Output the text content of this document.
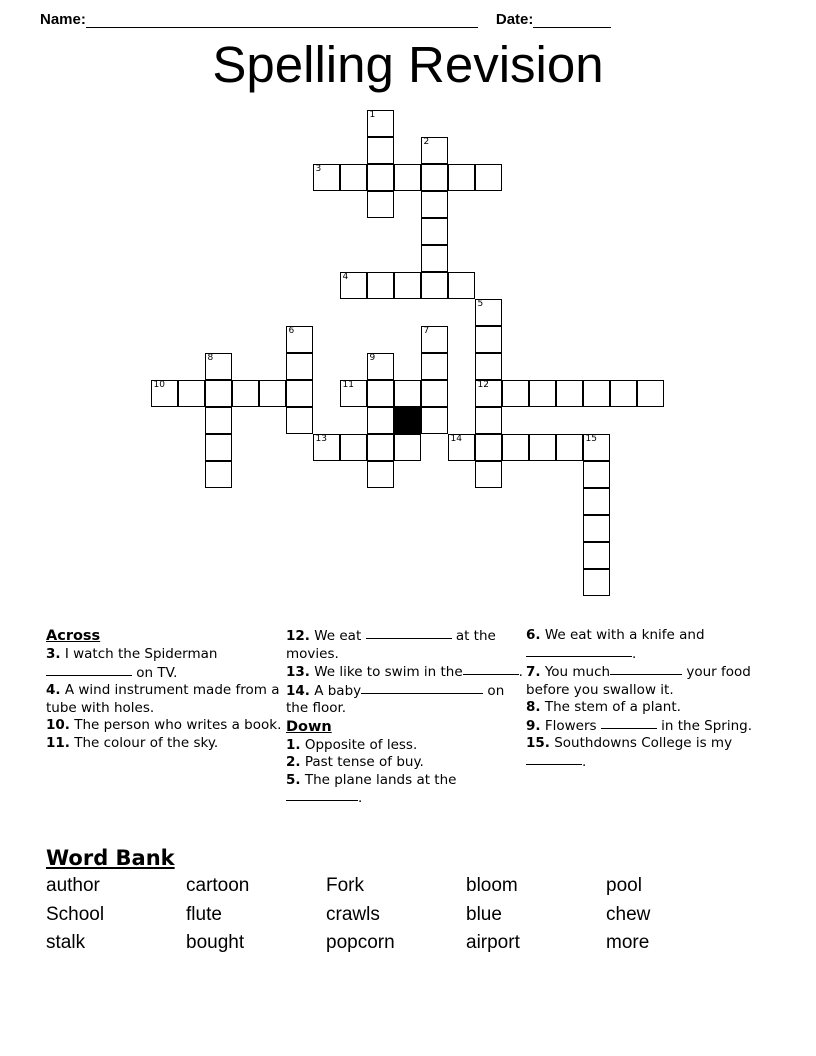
Name:	Date:
Spelling Revision
1
2
3
4
5
6	7
8	9
10	11	12
13	14	15
Across

3. I watch the Spiderman  on TV.

4. A wind instrument made from a tube with holes.

10. The person who writes a book.

11. The colour of the sky.

12. We eat	at the movies.

13. We like to swim in the	.

14. A baby	on the floor.

Down

1. Opposite of less.

2. Past tense of buy.

5. The plane lands at the.

6. We eat with a knife and.

7. You much	your food before you swallow it.

8. The stem of a plant.

9. Flowers	in the Spring.

15. Southdowns College is my.

Word Bank
author	cartoon	Fork	bloom	pool
School	flute	crawls	blue	chew
stalk	bought	popcorn	airport	more
